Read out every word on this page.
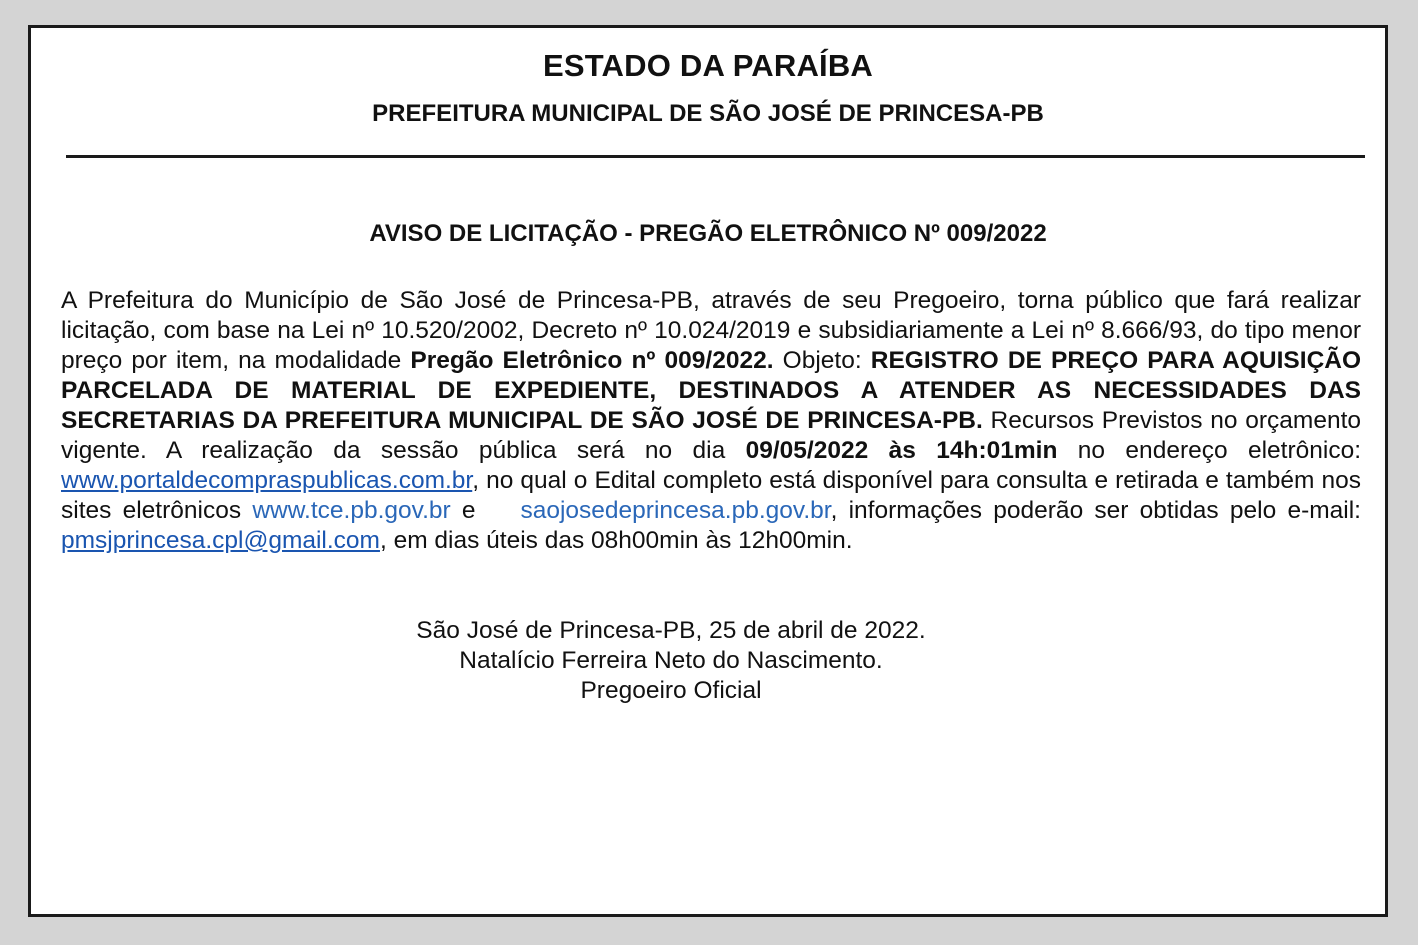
ESTADO DA PARAÍBA
PREFEITURA MUNICIPAL DE SÃO JOSÉ DE PRINCESA-PB
AVISO DE LICITAÇÃO - PREGÃO ELETRÔNICO Nº 009/2022
A Prefeitura do Município de São José de Princesa-PB, através de seu Pregoeiro, torna público que fará realizar licitação, com base na Lei nº 10.520/2002, Decreto nº 10.024/2019 e subsidiariamente a Lei nº 8.666/93, do tipo menor preço por item, na modalidade Pregão Eletrônico nº 009/2022. Objeto: REGISTRO DE PREÇO PARA AQUISIÇÃO PARCELADA DE MATERIAL DE EXPEDIENTE, DESTINADOS A ATENDER AS NECESSIDADES DAS SECRETARIAS DA PREFEITURA MUNICIPAL DE SÃO JOSÉ DE PRINCESA-PB. Recursos Previstos no orçamento vigente. A realização da sessão pública será no dia 09/05/2022 às 14h:01min no endereço eletrônico: www.portaldecompraspublicas.com.br, no qual o Edital completo está disponível para consulta e retirada e também nos sites eletrônicos www.tce.pb.gov.br e    saojosedeprincesa.pb.gov.br, informações poderão ser obtidas pelo e-mail: pmsjprincesa.cpl@gmail.com, em dias úteis das 08h00min às 12h00min.
São José de Princesa-PB, 25 de abril de 2022.
Natalício Ferreira Neto do Nascimento.
Pregoeiro Oficial
